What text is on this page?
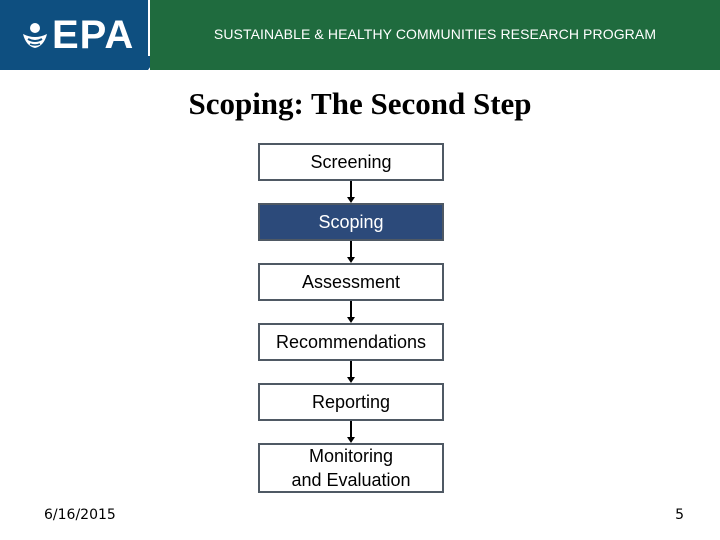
EPA	SUSTAINABLE & HEALTHY COMMUNITIES RESEARCH PROGRAM
Scoping: The Second Step
Screening
Scoping
Assessment
Recommendations
Reporting
Monitoring
and Evaluation
6/16/2015	5
